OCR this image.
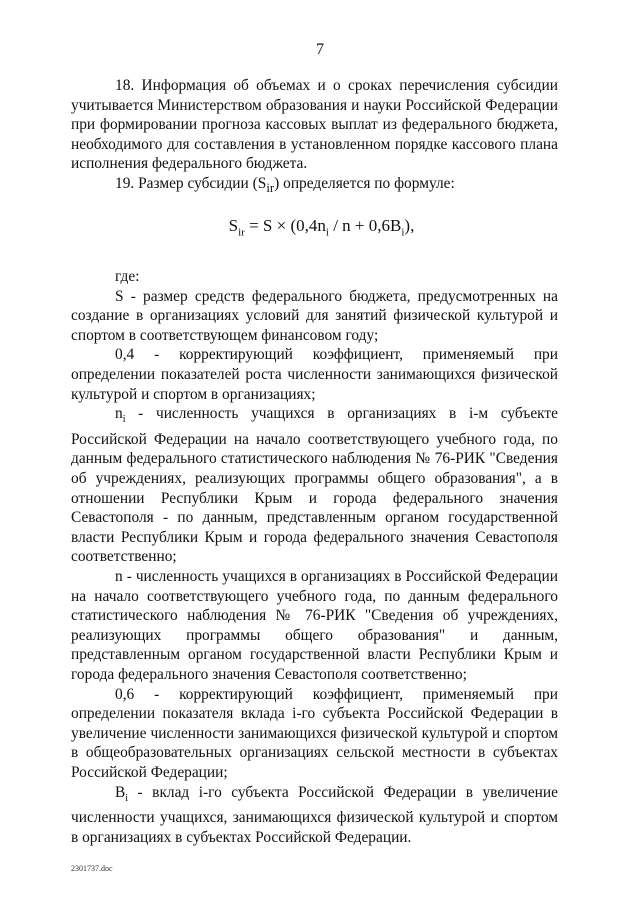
7

18. Информация об объемах и о сроках перечисления субсидии учитывается Министерством образования и науки Российской Федерации при формировании прогноза кассовых выплат из федерального бюджета, необходимого для составления в установленном порядке кассового плана исполнения федерального бюджета.

19. Размер субсидии $(S_{ir})$ определяется по формуле:

$S_{ir} = S \times (0,4n_i / n + 0,6B_i)$,

где:

S - размер средств федерального бюджета, предусмотренных на создание в организациях условий для занятий физической культурой и спортом в соответствующем финансовом году;

0,4 - корректирующий коэффициент, применяемый при определении показателей роста численности занимающихся физической культурой и спортом в организациях;

$n_i$ - численность учащихся в организациях в i-м субъекте Российской Федерации на начало соответствующего учебного года, по данным федерального статистического наблюдения № 76-РИК "Сведения об учреждениях, реализующих программы общего образования", а в отношении Республики Крым и города федерального значения Севастополя - по данным, представленным органом государственной власти Республики Крым и города федерального значения Севастополя соответственно;

n - численность учащихся в организациях в Российской Федерации на начало соответствующего учебного года, по данным федерального статистического наблюдения № 76-РИК "Сведения об учреждениях, реализующих программы общего образования" и данным, представленным органом государственной власти Республики Крым и города федерального значения Севастополя соответственно;

0,6 - корректирующий коэффициент, применяемый при определении показателя вклада i-го субъекта Российской Федерации в увеличение численности занимающихся физической культурой и спортом в общеобразовательных организациях сельской местности в субъектах Российской Федерации;

$B_i$ - вклад i-го субъекта Российской Федерации в увеличение численности учащихся, занимающихся физической культурой и спортом в организациях в субъектах Российской Федерации.

2301737.doc
